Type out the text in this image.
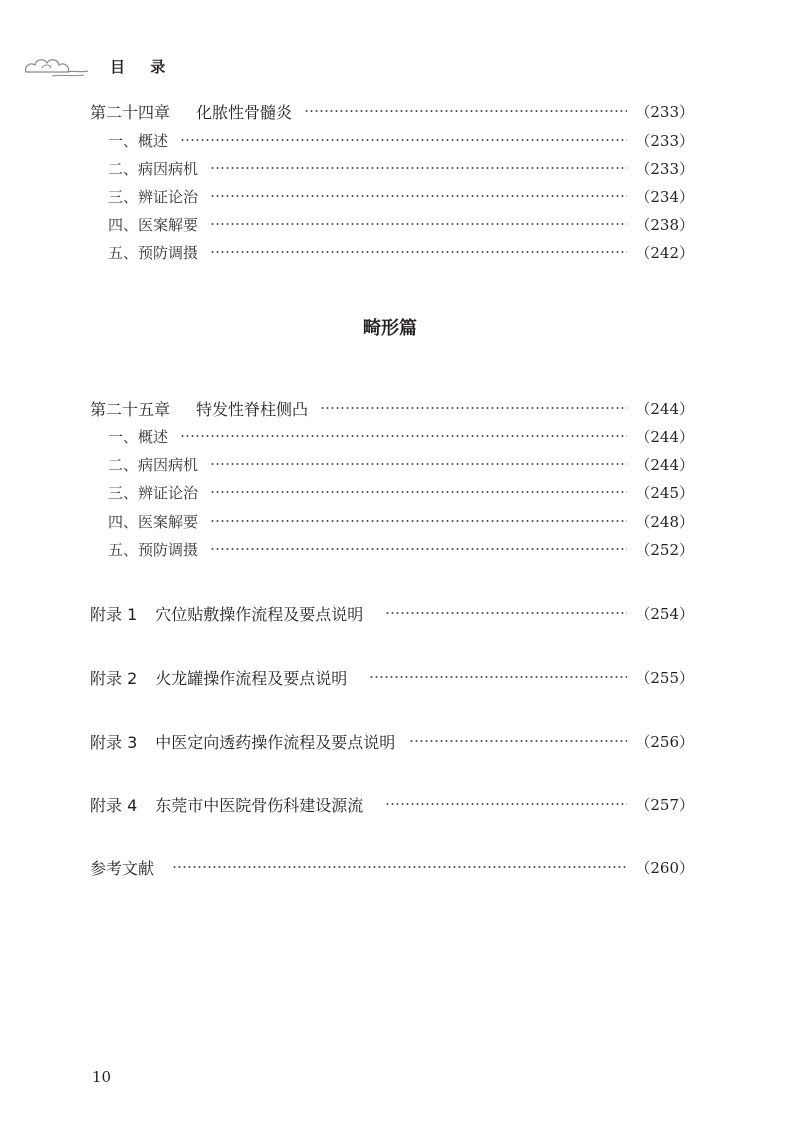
目 录
第二十四章 化脓性骨髓炎	（233）
一、概述	（233）
二、病因病机	（233）
三、辨证论治	（234）
四、医案解要	（238）
五、预防调摄	（242）
畸形篇
第二十五章 特发性脊柱侧凸	（244）
一、概述	（244）
二、病因病机	（244）
三、辨证论治	（245）
四、医案解要	（248）
五、预防调摄	（252）
附录 1 穴位贴敷操作流程及要点说明	（254）
附录 2 火龙罐操作流程及要点说明	（255）
附录 3 中医定向透药操作流程及要点说明	（256）
附录 4 东莞市中医院骨伤科建设源流	（257）
参考文献	（260）
10
